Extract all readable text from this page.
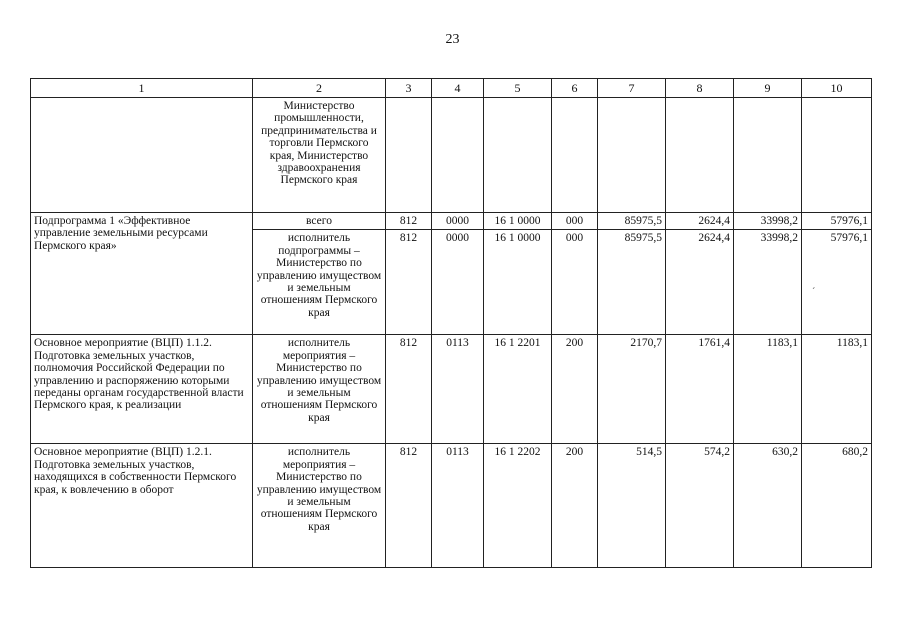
23
1	2	3	4	5	6	7	8	9	10
	Министерство промышленности, предпринимательства и торговли Пермского края, Министерство здравоохранения Пермского края								
Подпрограмма 1 «Эффективное управление земельными ресурсами Пермского края»	всего	812	0000	16 1 0000	000	85975,5	2624,4	33998,2	57976,1
	исполнитель подпрограммы – Министерство по управлению имуществом и земельным отношениям Пермского края	812	0000	16 1 0000	000	85975,5	2624,4	33998,2	57976,1
Основное мероприятие (ВЦП) 1.1.2. Подготовка земельных участков, полномочия Российской Федерации по управлению и распоряжению которыми переданы органам государственной власти Пермского края, к реализации	исполнитель мероприятия – Министерство по управлению имуществом и земельным отношениям Пермского края	812	0113	16 1 2201	200	2170,7	1761,4	1183,1	1183,1
Основное мероприятие (ВЦП) 1.2.1. Подготовка земельных участков, находящихся в собственности Пермского края, к вовлечению в оборот	исполнитель мероприятия – Министерство по управлению имуществом и земельным отношениям Пермского края	812	0113	16 1 2202	200	514,5	574,2	630,2	680,2
ˊ
